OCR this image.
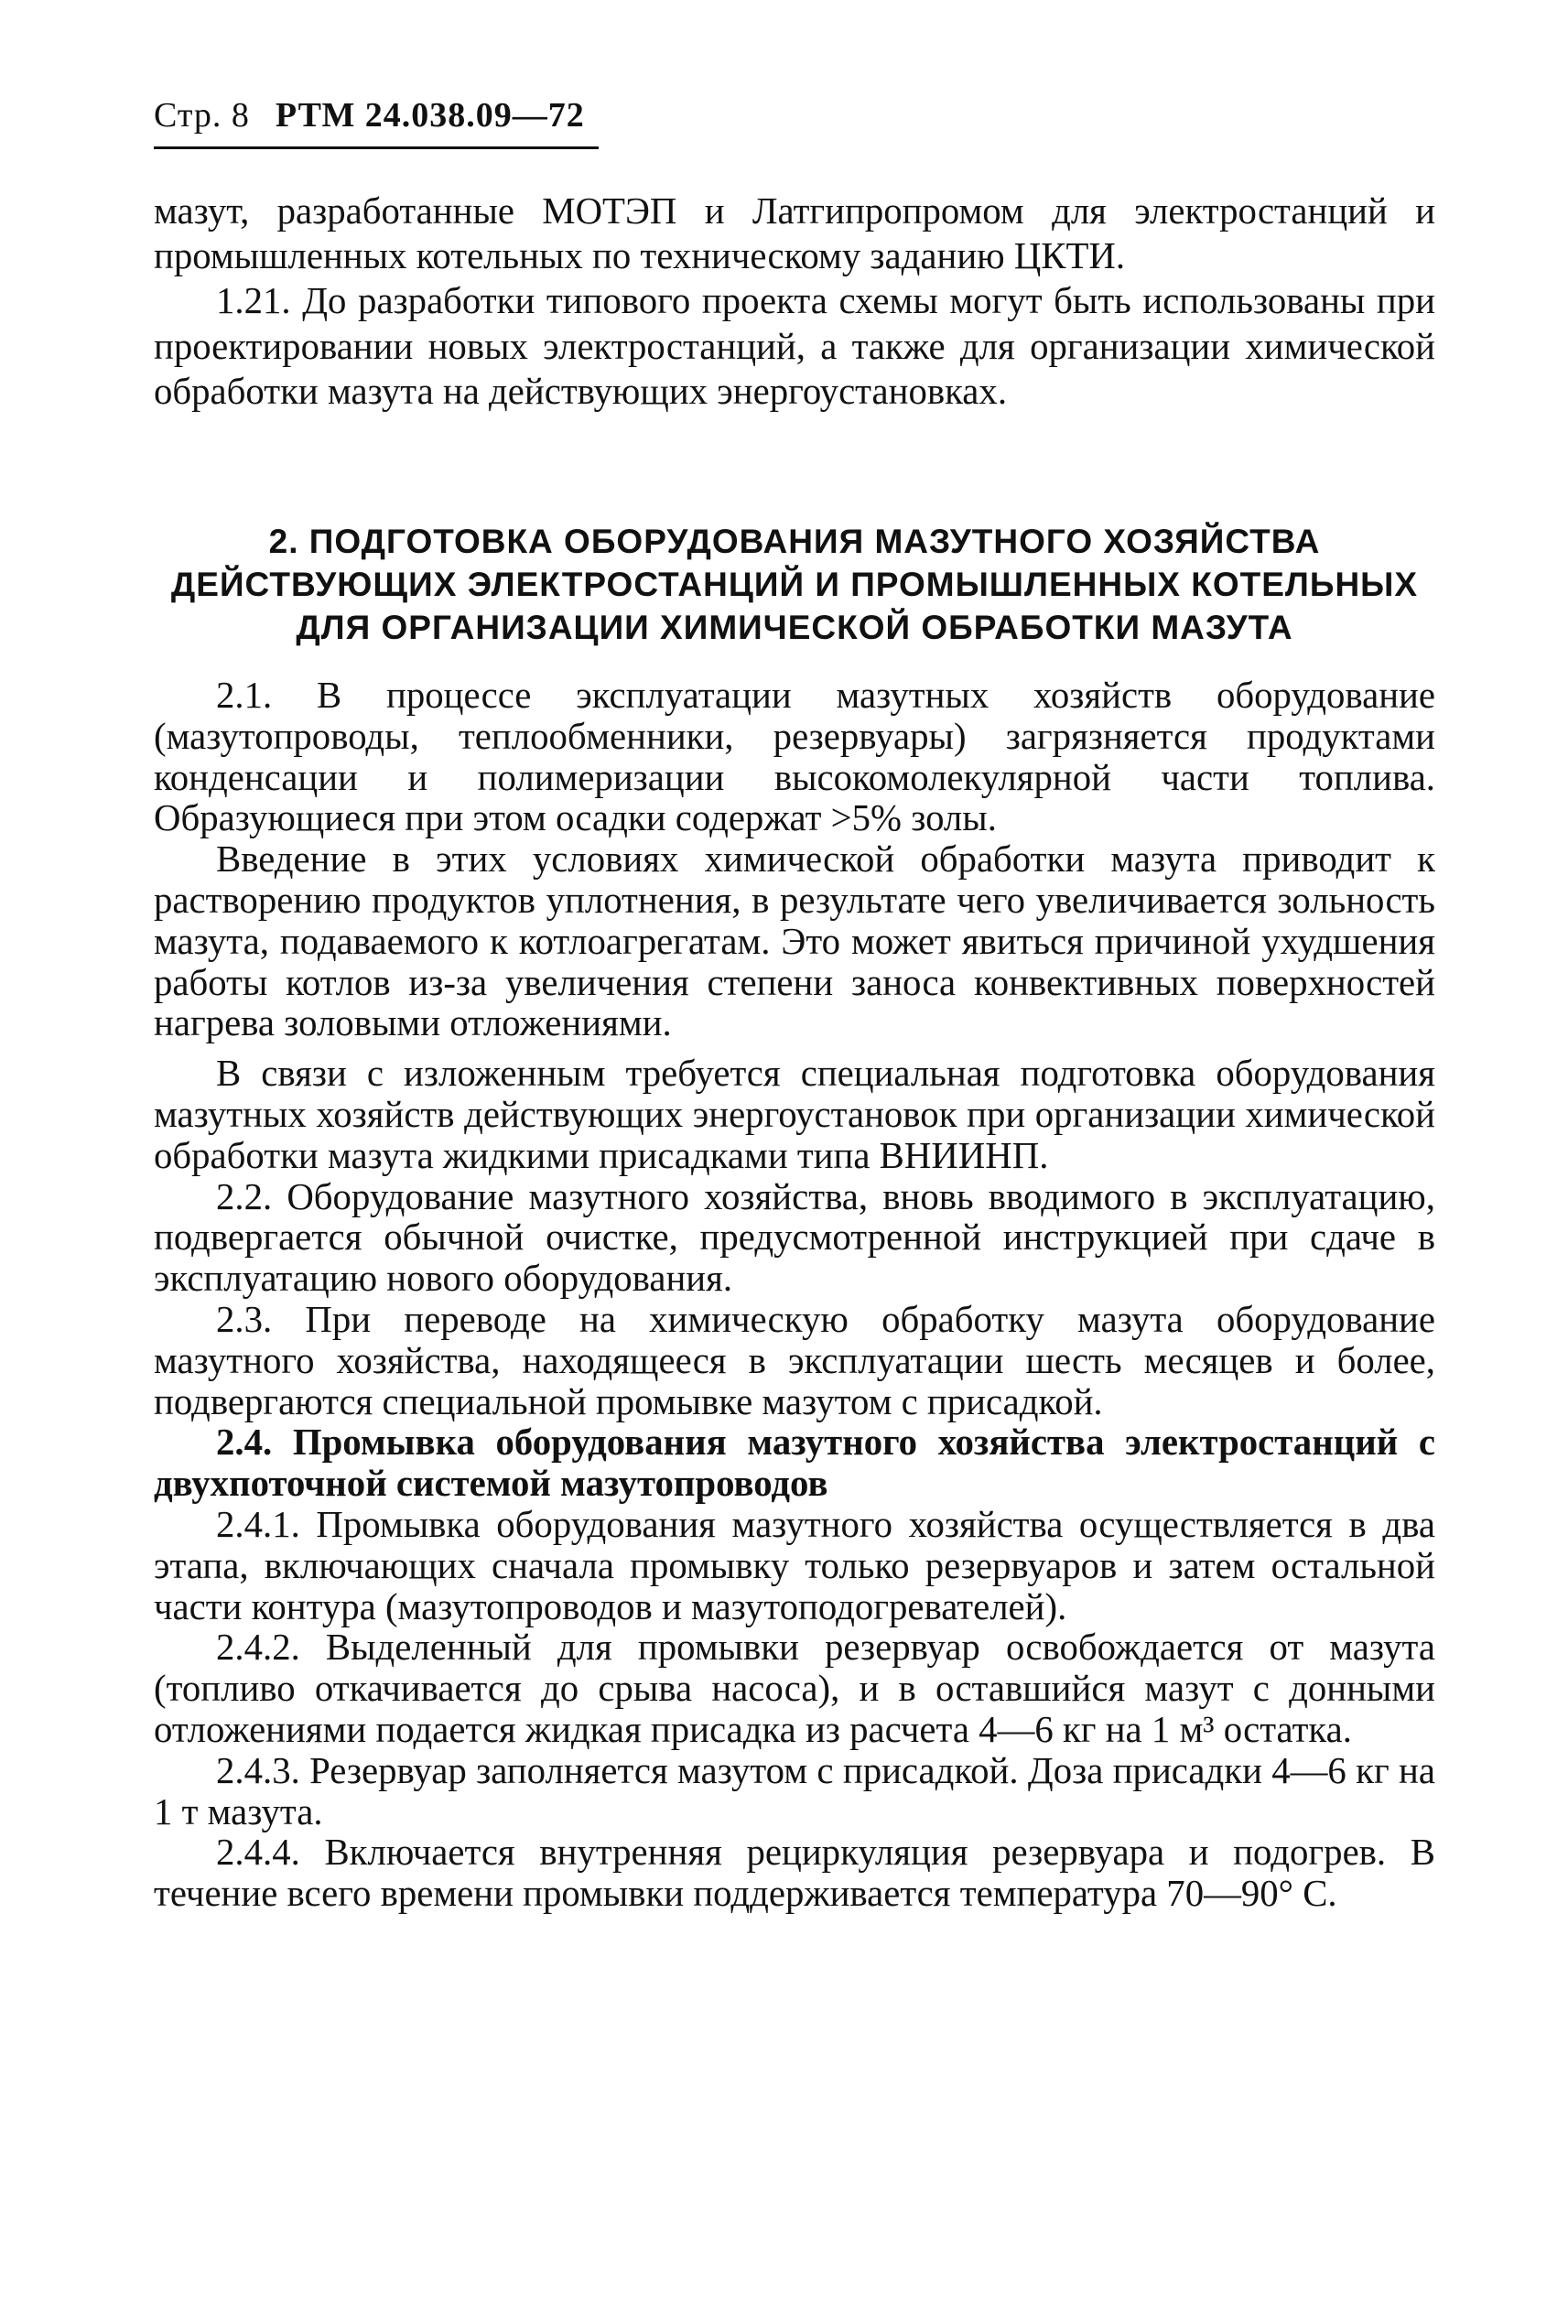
Стр. 8 РТМ 24.038.09—72

мазут, разработанные МОТЭП и Латгипропромом для электростанций и промышленных котельных по техническому заданию ЦКТИ.

1.21. До разработки типового проекта схемы могут быть использованы при проектировании новых электростанций, а также для организации химической обработки мазута на действующих энергоустановках.

2. ПОДГОТОВКА ОБОРУДОВАНИЯ МАЗУТНОГО ХОЗЯЙСТВА

ДЕЙСТВУЮЩИХ ЭЛЕКТРОСТАНЦИЙ И ПРОМЫШЛЕННЫХ КОТЕЛЬНЫХ

ДЛЯ ОРГАНИЗАЦИИ ХИМИЧЕСКОЙ ОБРАБОТКИ МАЗУТА

2.1. В процессе эксплуатации мазутных хозяйств оборудование (мазутопроводы, теплообменники, резервуары) загрязняется продуктами конденсации и полимеризации высокомолекулярной части топлива. Образующиеся при этом осадки содержат >5% золы.

Введение в этих условиях химической обработки мазута приводит к растворению продуктов уплотнения, в результате чего увеличивается зольность мазута, подаваемого к котлоагрегатам. Это может явиться причиной ухудшения работы котлов из-за увеличения степени заноса конвективных поверхностей нагрева золовыми отложениями.

В связи с изложенным требуется специальная подготовка оборудования мазутных хозяйств действующих энергоустановок при организации химической обработки мазута жидкими присадками типа ВНИИНП.

2.2. Оборудование мазутного хозяйства, вновь вводимого в эксплуатацию, подвергается обычной очистке, предусмотренной инструкцией при сдаче в эксплуатацию нового оборудования.

2.3. При переводе на химическую обработку мазута оборудование мазутного хозяйства, находящееся в эксплуатации шесть месяцев и более, подвергаются специальной промывке мазутом с присадкой.

2.4. Промывка оборудования мазутного хозяйства электростанций с двухпоточной системой мазутопроводов

2.4.1. Промывка оборудования мазутного хозяйства осуществляется в два этапа, включающих сначала промывку только резервуаров и затем остальной части контура (мазутопроводов и мазутоподогревателей).

2.4.2. Выделенный для промывки резервуар освобождается от мазута (топливо откачивается до срыва насоса), и в оставшийся мазут с донными отложениями подается жидкая присадка из расчета 4—6 кг на 1 м³ остатка.

2.4.3. Резервуар заполняется мазутом с присадкой. Доза присадки 4—6 кг на 1 т мазута.

2.4.4. Включается внутренняя рециркуляция резервуара и подогрев. В течение всего времени промывки поддерживается температура 70—90° С.
